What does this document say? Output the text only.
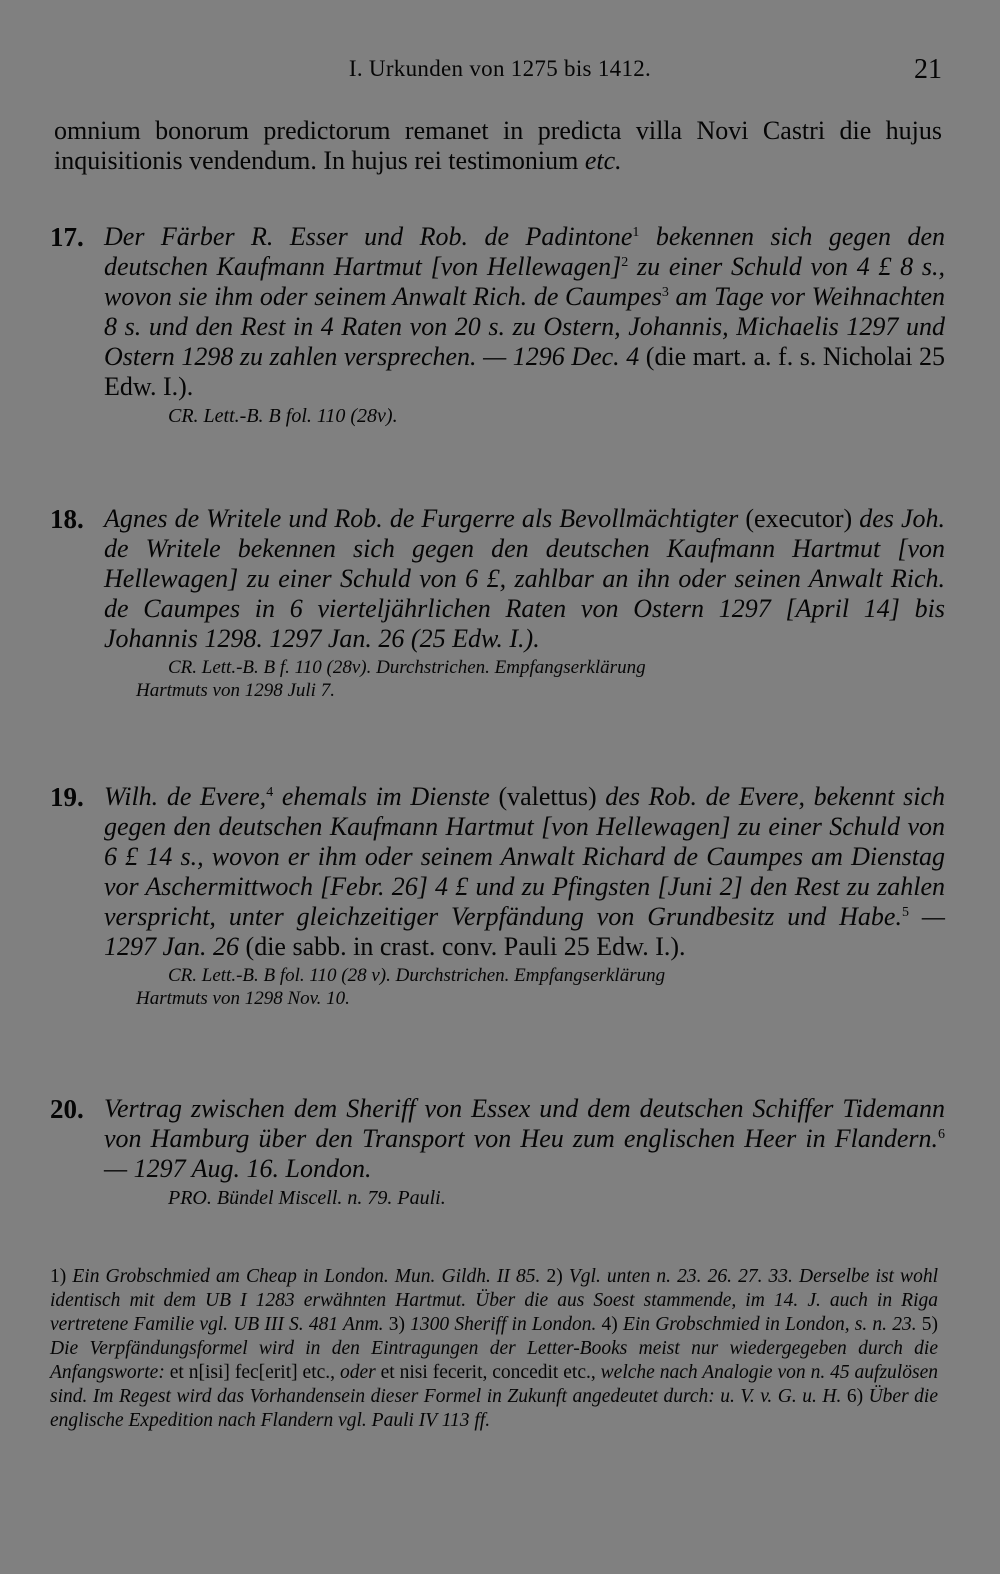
I. Urkunden von 1275 bis 1412.	21
omnium bonorum predictorum remanet in predicta villa Novi Castri die hujus inquisitionis vendendum. In hujus rei testimonium etc.
17. Der Färber R. Esser und Rob. de Padintone$^1$ bekennen sich gegen den deutschen Kaufmann Hartmut [von Hellewagen]$^2$ zu einer Schuld von 4 £ 8 s., wovon sie ihm oder seinem Anwalt Rich. de Caumpes$^3$ am Tage vor Weihnachten 8 s. und den Rest in 4 Raten von 20 s. zu Ostern, Johannis, Michaelis 1297 und Ostern 1298 zu zahlen versprechen. — 1296 Dec. 4 (die mart. a. f. s. Nicholai 25 Edw. I.).
CR. Lett.-B. B fol. 110 (28v).
18. Agnes de Writele und Rob. de Furgerre als Bevollmächtigter (executor) des Joh. de Writele bekennen sich gegen den deutschen Kaufmann Hartmut [von Hellewagen] zu einer Schuld von 6 £, zahlbar an ihn oder seinen Anwalt Rich. de Caumpes in 6 vierteljährlichen Raten von Ostern 1297 [April 14] bis Johannis 1298. 1297 Jan. 26 (25 Edw. I.).
CR. Lett.-B. B f. 110 (28v). Durchstrichen. Empfangserklärung
Hartmuts von 1298 Juli 7.
19. Wilh. de Evere,$^4$ ehemals im Dienste (valettus) des Rob. de Evere, bekennt sich gegen den deutschen Kaufmann Hartmut [von Hellewagen] zu einer Schuld von 6 £ 14 s., wovon er ihm oder seinem Anwalt Richard de Caumpes am Dienstag vor Aschermittwoch [Febr. 26] 4 £ und zu Pfingsten [Juni 2] den Rest zu zahlen verspricht, unter gleichzeitiger Verpfändung von Grundbesitz und Habe.$^5$ — 1297 Jan. 26 (die sabb. in crast. conv. Pauli 25 Edw. I.).
CR. Lett.-B. B fol. 110 (28 v). Durchstrichen. Empfangserklärung
Hartmuts von 1298 Nov. 10.
20. Vertrag zwischen dem Sheriff von Essex und dem deutschen Schiffer Tidemann von Hamburg über den Transport von Heu zum englischen Heer in Flandern.$^6$ — 1297 Aug. 16. London.
PRO. Bündel Miscell. n. 79. Pauli.
1) Ein Grobschmied am Cheap in London. Mun. Gildh. II 85. 2) Vgl. unten n. 23. 26. 27. 33. Derselbe ist wohl identisch mit dem UB I 1283 erwähnten Hartmut. Über die aus Soest stammende, im 14. J. auch in Riga vertretene Familie vgl. UB III S. 481 Anm. 3) 1300 Sheriff in London. 4) Ein Grobschmied in London, s. n. 23. 5) Die Verpfändungsformel wird in den Eintragungen der Letter-Books meist nur wiedergegeben durch die Anfangsworte: et n[isi] fec[erit] etc., oder et nisi fecerit, concedit etc., welche nach Analogie von n. 45 aufzulösen sind. Im Regest wird das Vorhandensein dieser Formel in Zukunft angedeutet durch: u. V. v. G. u. H. 6) Über die englische Expedition nach Flandern vgl. Pauli IV 113 ff.
